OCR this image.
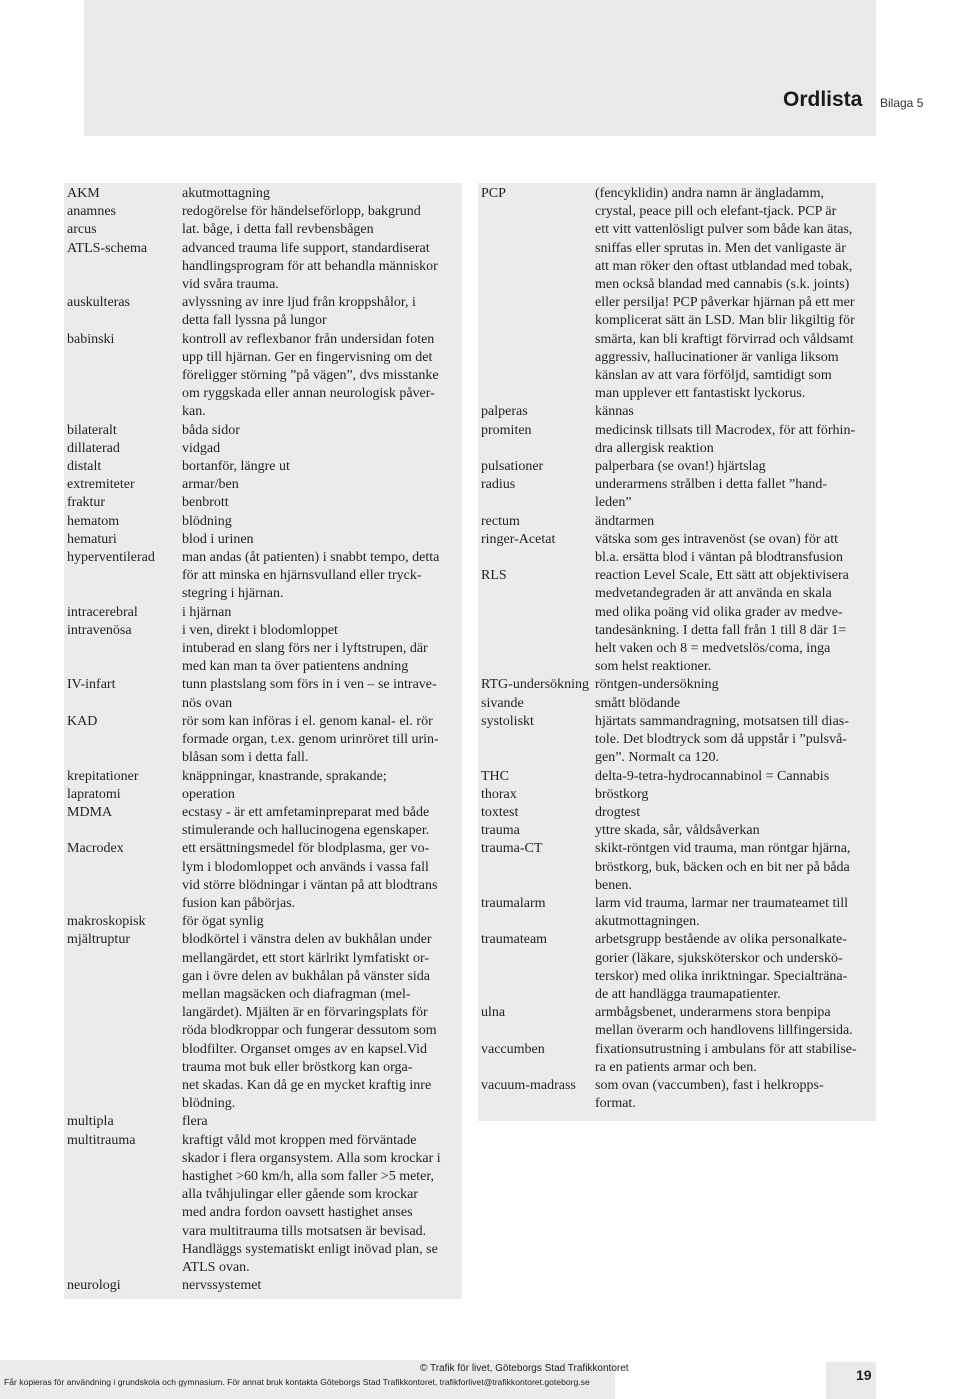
Ordlista Bilaga 5
AKM	akutmottagning
anamnes	redogörelse för händelseförlopp, bakgrund
arcus	lat. båge, i detta fall revbensbågen
ATLS-schema	advanced trauma life support, standardiserat
handlingsprogram för att behandla människor
vid svåra trauma.
auskulteras	avlyssning av inre ljud från kroppshålor, i
detta fall lyssna på lungor
babinski	kontroll av reflexbanor från undersidan foten
upp till hjärnan. Ger en fingervisning om det
föreligger störning ”på vägen”, dvs misstanke
om ryggskada eller annan neurologisk påver-
kan.
bilateralt	båda sidor
dillaterad	vidgad
distalt	bortanför, längre ut
extremiteter	armar/ben
fraktur	benbrott
hematom	blödning
hematuri	blod i urinen
hyperventilerad	man andas (åt patienten) i snabbt tempo, detta
för att minska en hjärnsvulland eller tryck-
stegring i hjärnan.
intracerebral	i hjärnan
intravenösa	i ven, direkt i blodomloppet
intuberad en slang förs ner i lyftstrupen, där
med kan man ta över patientens andning
IV-infart	tunn plastslang som förs in i ven – se intrave-
nös ovan
KAD	rör som kan införas i el. genom kanal- el. rör
formade organ, t.ex. genom urinröret till urin-
blåsan som i detta fall.
krepitationer	knäppningar, knastrande, sprakande;
lapratomi	operation
MDMA	ecstasy - är ett amfetaminpreparat med både
stimulerande och hallucinogena egenskaper.
Macrodex	ett ersättningsmedel för blodplasma, ger vo-
lym i blodomloppet och används i vassa fall
vid större blödningar i väntan på att blodtrans
fusion kan påbörjas.
makroskopisk	för ögat synlig
mjältruptur	blodkörtel i vänstra delen av bukhålan under
mellangärdet, ett stort kärlrikt lymfatiskt or-
gan i övre delen av bukhålan på vänster sida
mellan magsäcken och diafragman (mel-
langärdet). Mjälten är en förvaringsplats för
röda blodkroppar och fungerar dessutom som
blodfilter. Organset omges av en kapsel.Vid
trauma mot buk eller bröstkorg kan orga-
net skadas. Kan då ge en mycket kraftig inre
blödning.
multipla	flera
multitrauma	kraftigt våld mot kroppen med förväntade
skador i flera organsystem. Alla som krockar i
hastighet >60 km/h, alla som faller >5 meter,
alla tvåhjulingar eller gående som krockar
med andra fordon oavsett hastighet anses
vara multitrauma tills motsatsen är bevisad.
Handläggs systematiskt enligt inövad plan, se
ATLS ovan.
neurologi	nervssystemet
PCP	(fencyklidin) andra namn är ängladamm,
crystal, peace pill och elefant-tjack. PCP är
ett vitt vattenlösligt pulver som både kan ätas,
sniffas eller sprutas in. Men det vanligaste är
att man röker den oftast utblandad med tobak,
men också blandad med cannabis (s.k. joints)
eller persilja! PCP påverkar hjärnan på ett mer
komplicerat sätt än LSD. Man blir likgiltig för
smärta, kan bli kraftigt förvirrad och våldsamt
aggressiv, hallucinationer är vanliga liksom
känslan av att vara förföljd, samtidigt som
man upplever ett fantastiskt lyckorus.
palperas	kännas
promiten	medicinsk tillsats till Macrodex, för att förhin-
dra allergisk reaktion
pulsationer	palperbara (se ovan!) hjärtslag
radius	underarmens strålben i detta fallet ”hand-
leden”
rectum	ändtarmen
ringer-Acetat	vätska som ges intravenöst (se ovan) för att
bl.a. ersätta blod i väntan på blodtransfusion
RLS	reaction Level Scale, Ett sätt att objektivisera
medvetandegraden är att använda en skala
med olika poäng vid olika grader av medve-
tandesänkning. I detta fall från 1 till 8 där 1=
helt vaken och 8 = medvetslös/coma, inga
som helst reaktioner.
RTG-undersökning röntgen-undersökning
sivande	smått blödande
systoliskt	hjärtats sammandragning, motsatsen till dias-
tole. Det blodtryck som då uppstår i ”pulsvå-
gen”. Normalt ca 120.
THC	delta-9-tetra-hydrocannabinol = Cannabis
thorax	bröstkorg
toxtest	drogtest
trauma	yttre skada, sår, våldsåverkan
trauma-CT	skikt-röntgen vid trauma, man röntgar hjärna,
bröstkorg, buk, bäcken och en bit ner på båda
benen.
traumalarm	larm vid trauma, larmar ner traumateamet till
akutmottagningen.
traumateam	arbetsgrupp bestående av olika personalkate-
gorier (läkare, sjuksköterskor och underskö-
terskor) med olika inriktningar. Specialträna-
de att handlägga traumapatienter.
ulna	armbågsbenet, underarmens stora benpipa
mellan överarm och handlovens lillfingersida.
vaccumben	fixationsutrustning i ambulans för att stabilise-
ra en patients armar och ben.
vacuum-madrass	som ovan (vaccumben), fast i helkropps-
format.
© Trafik för livet, Göteborgs Stad Trafikkontoret
Får kopieras för användning i grundskola och gymnasium. För annat bruk kontakta Göteborgs Stad Trafikkontoret, trafikforlivet@trafikkontoret.goteborg.se	19
